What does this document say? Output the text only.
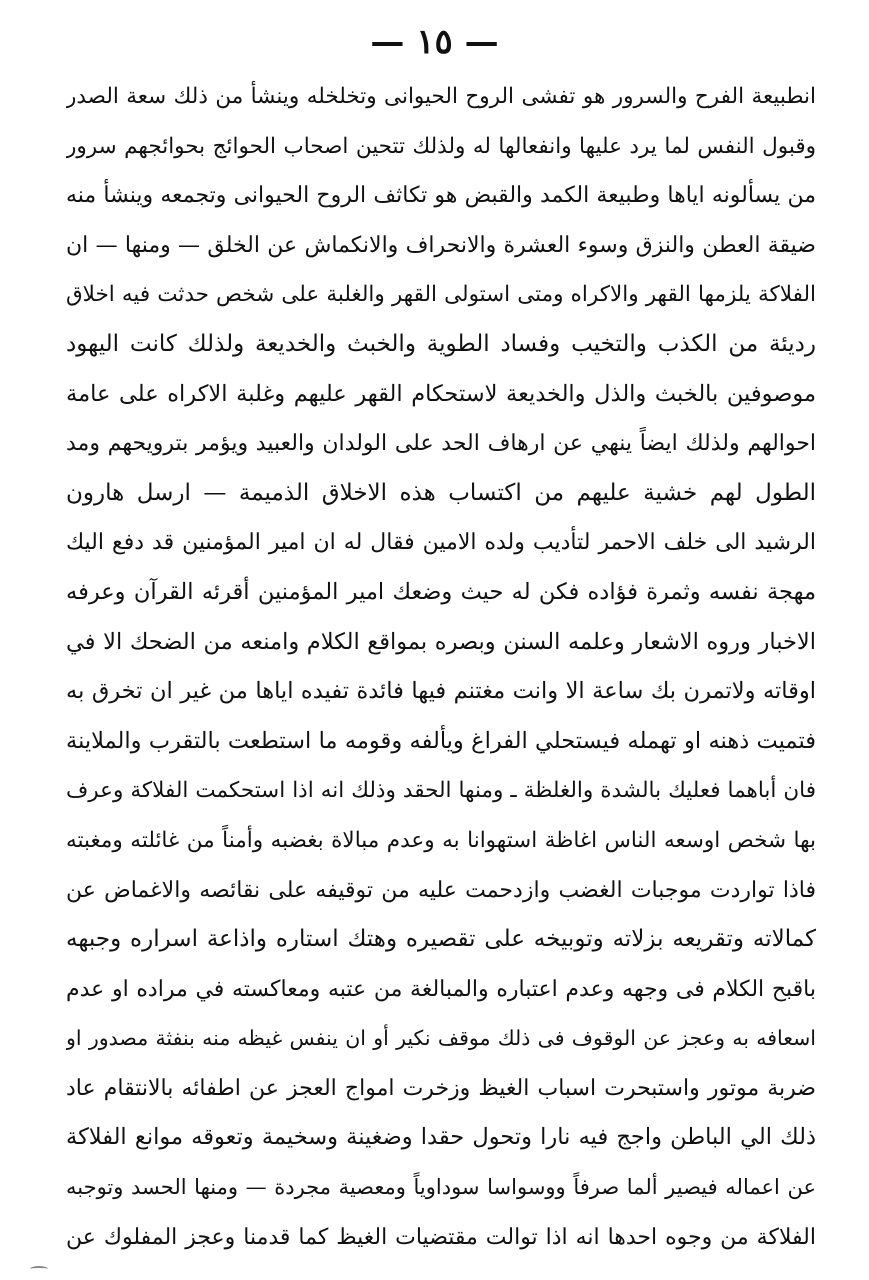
— ١٥ —
انطبيعة الفرح والسرور هو تفشى الروح الحيوانى وتخلخله وينشأ من ذلك سعة الصدر
وقبول النفس لما يرد عليها وانفعالها له ولذلك تتحين اصحاب الحوائج بحوائجهم سرور
من يسألونه اياها وطبيعة الكمد والقبض هو تكاثف الروح الحيوانى وتجمعه وينشأ منه
ضيقة العطن والنزق وسوء العشرة والانحراف والانكماش عن الخلق — ومنها — ان
الفلاكة يلزمها القهر والاكراه ومتى استولى القهر والغلبة على شخص حدثت فيه اخلاق
رديئة من الكذب والتخيب وفساد الطوية والخبث والخديعة ولذلك كانت اليهود
موصوفين بالخبث والذل والخديعة لاستحكام القهر عليهم وغلبة الاكراه على عامة
احوالهم ولذلك ايضاً ينهي عن ارهاف الحد على الولدان والعبيد ويؤمر بترويحهم ومد
الطول لهم خشية عليهم من اكتساب هذه الاخلاق الذميمة — ارسل هارون
الرشيد الى خلف الاحمر لتأديب ولده الامين فقال له ان امير المؤمنين قد دفع اليك
مهجة نفسه وثمرة فؤاده فكن له حيث وضعك امير المؤمنين أقرئه القرآن وعرفه
الاخبار وروه الاشعار وعلمه السنن وبصره بمواقع الكلام وامنعه من الضحك الا في
اوقاته ولاتمرن بك ساعة الا وانت مغتنم فيها فائدة تفيده اياها من غير ان تخرق به
فتميت ذهنه او تهمله فيستحلي الفراغ ويألفه وقومه ما استطعت بالتقرب والملاينة
فان أباهما فعليك بالشدة والغلظة ـ ومنها الحقد وذلك انه اذا استحكمت الفلاكة وعرف
بها شخص اوسعه الناس اغاظة استهوانا به وعدم مبالاة بغضبه وأمناً من غائلته ومغبته
فاذا تواردت موجبات الغضب وازدحمت عليه من توقيفه على نقائصه والاغماض عن
كمالاته وتقريعه بزلاته وتوبيخه على تقصيره وهتك استاره واذاعة اسراره وجبهه
باقبح الكلام فى وجهه وعدم اعتباره والمبالغة من عتبه ومعاكسته في مراده او عدم
اسعافه به وعجز عن الوقوف فى ذلك موقف نكير أو ان ينفس غيظه منه بنفثة مصدور او
ضربة موتور واستبحرت اسباب الغيظ وزخرت امواج العجز عن اطفائه بالانتقام عاد
ذلك الي الباطن واجج فيه نارا وتحول حقدا وضغينة وسخيمة وتعوقه موانع الفلاكة
عن اعماله فيصير ألما صرفاً ووسواسا سوداوياً ومعصية مجردة — ومنها الحسد وتوجبه
الفلاكة من وجوه احدها انه اذا توالت مقتضيات الغيظ كما قدمنا وعجز المفلوك عن
